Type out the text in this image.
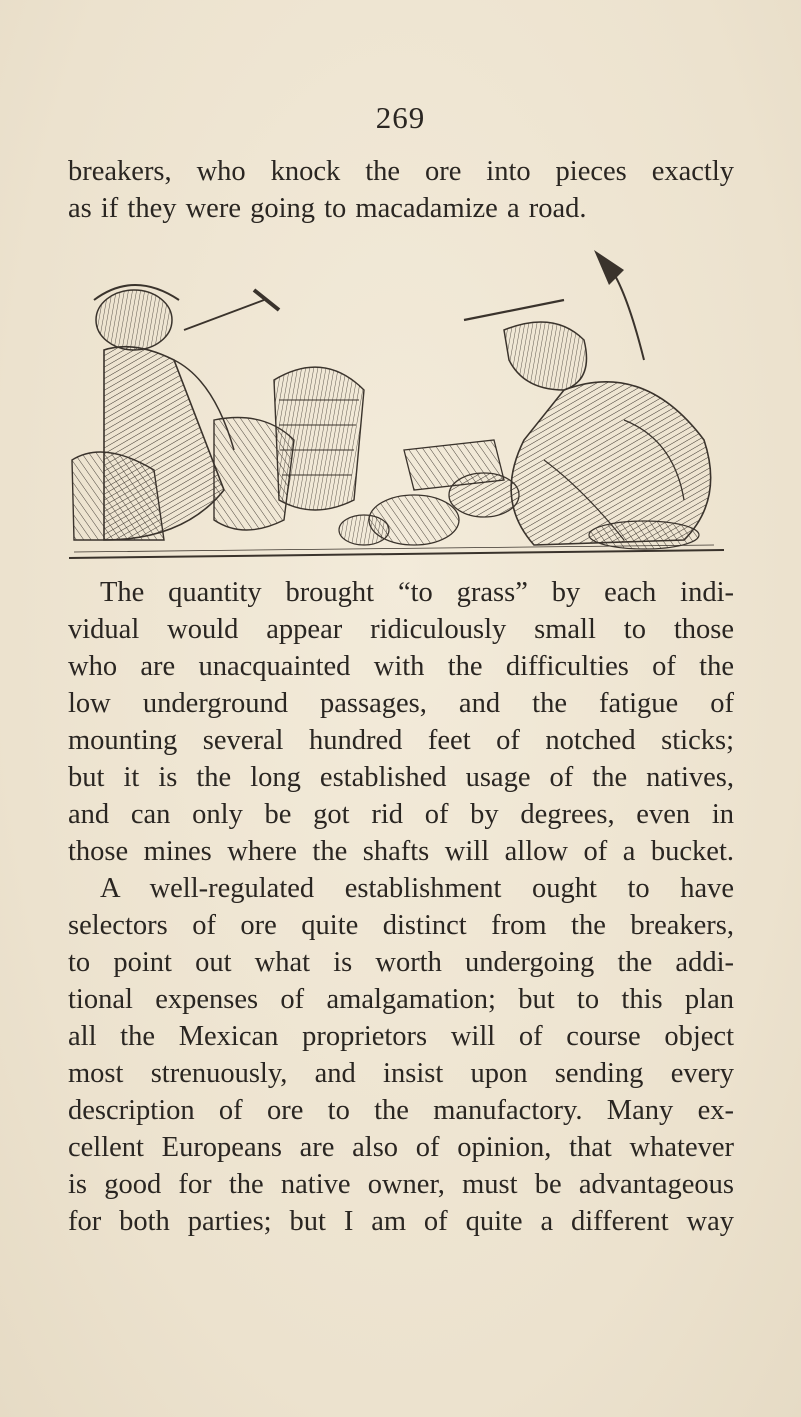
269
breakers, who knock the ore into pieces exactly
as if they were going to macadamize a road.
The quantity brought “to grass” by each indi-
vidual would appear ridiculously small to those
who are unacquainted with the difficulties of the
low underground passages, and the fatigue of
mounting several hundred feet of notched sticks;
but it is the long established usage of the natives,
and can only be got rid of by degrees, even in
those mines where the shafts will allow of a bucket.
A well-regulated establishment ought to have
selectors of ore quite distinct from the breakers,
to point out what is worth undergoing the addi-
tional expenses of amalgamation; but to this plan
all the Mexican proprietors will of course object
most strenuously, and insist upon sending every
description of ore to the manufactory. Many ex-
cellent Europeans are also of opinion, that whatever
is good for the native owner, must be advantageous
for both parties; but I am of quite a different way
